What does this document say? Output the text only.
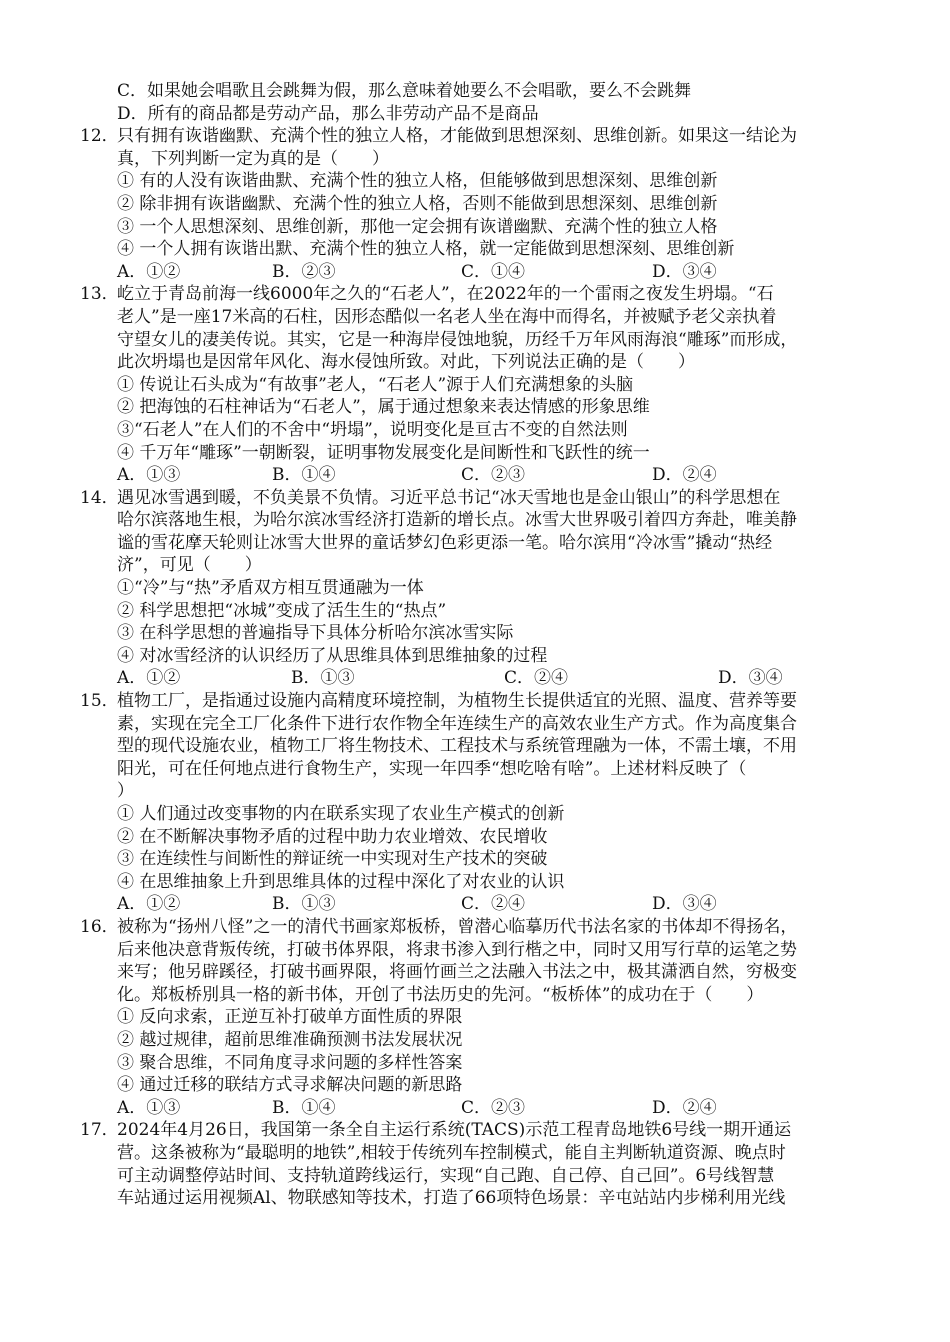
C．如果她会唱歌且会跳舞为假，那么意味着她要么不会唱歌，要么不会跳舞
D．所有的商品都是劳动产品，那么非劳动产品不是商品
12．
只有拥有诙谐幽默、充满个性的独立人格，才能做到思想深刻、思维创新。如果这一结论为
真，下列判断一定为真的是（　　）
① 有的人没有诙谐曲默、充满个性的独立人格，但能够做到思想深刻、思维创新
② 除非拥有诙谐幽默、充满个性的独立人格，否则不能做到思想深刻、思维创新
③ 一个人思想深刻、思维创新，那他一定会拥有诙谱幽默、充满个性的独立人格
④ 一个人拥有诙谐出默、充满个性的独立人格，就一定能做到思想深刻、思维创新
A．①②	B．②③	C．①④	D．③④
13．
屹立于青岛前海一线6000年之久的“石老人”，在2022年的一个雷雨之夜发生坍塌。“石
老人”是一座17米高的石柱，因形态酷似一名老人坐在海中而得名，并被赋予老父亲执着
守望女儿的凄美传说。其实，它是一种海岸侵蚀地貌，历经千万年风雨海浪“雕琢”而形成，
此次坍塌也是因常年风化、海水侵蚀所致。对此，下列说法正确的是（　　）
① 传说让石头成为“有故事”老人，“石老人”源于人们充满想象的头脑
② 把海蚀的石柱神话为“石老人”，属于通过想象来表达情感的形象思维
③“石老人”在人们的不舍中“坍塌”，说明变化是亘古不变的自然法则
④ 千万年“雕琢”一朝断裂，证明事物发展变化是间断性和飞跃性的统一
A．①③	B．①④	C．②③	D．②④
14．
遇见冰雪遇到暖，不负美景不负情。习近平总书记“冰天雪地也是金山银山”的科学思想在
哈尔滨落地生根，为哈尔滨冰雪经济打造新的增长点。冰雪大世界吸引着四方奔赴，唯美静
谧的雪花摩天轮则让冰雪大世界的童话梦幻色彩更添一笔。哈尔滨用“冷冰雪”撬动“热经
济”，可见（　　）
①“冷”与“热”矛盾双方相互贯通融为一体
② 科学思想把“冰城”变成了活生生的“热点”
③ 在科学思想的普遍指导下具体分析哈尔滨冰雪实际
④ 对冰雪经济的认识经历了从思维具体到思维抽象的过程
A．①②	B．①③	C．②④	D．③④
15．
植物工厂，是指通过设施内高精度环境控制，为植物生长提供适宜的光照、温度、营养等要
素，实现在完全工厂化条件下进行农作物全年连续生产的高效农业生产方式。作为高度集合
型的现代设施农业，植物工厂将生物技术、工程技术与系统管理融为一体，不需土壤，不用
阳光，可在任何地点进行食物生产，实现一年四季“想吃啥有啥”。上述材料反映了（
）
① 人们通过改变事物的内在联系实现了农业生产模式的创新
② 在不断解决事物矛盾的过程中助力农业增效、农民增收
③ 在连续性与间断性的辩证统一中实现对生产技术的突破
④ 在思维抽象上升到思维具体的过程中深化了对农业的认识
A．①②	B．①③	C．②④	D．③④
16．
被称为“扬州八怪”之一的清代书画家郑板桥，曾潜心临摹历代书法名家的书体却不得扬名，
后来他决意背叛传统，打破书体界限，将隶书渗入到行楷之中，同时又用写行草的运笔之势
来写；他另辟蹊径，打破书画界限，将画竹画兰之法融入书法之中，极其潇洒自然，穷极变
化。郑板桥別具一格的新书体，开创了书法历史的先河。“板桥体”的成功在于（　　）
① 反向求索，正逆互补打破单方面性质的界限
② 越过规律，超前思维准确预测书法发展状况
③ 聚合思维，不同角度寻求问题的多样性答案
④ 通过迁移的联结方式寻求解决问题的新思路
A．①③	B．①④	C．②③	D．②④
17．
2024年4月26日，我国第一条全自主运行系统(TACS)示范工程青岛地铁6号线一期开通运
营。这条被称为“最聪明的地铁”,相较于传统列车控制模式，能自主判断轨道资源、晚点时
可主动调整停站时间、支持轨道跨线运行，实现“自己跑、自己停、自己回”。6号线智慧
车站通过运用视频Al、物联感知等技术，打造了66项特色场景：辛屯站站内步梯利用光线
